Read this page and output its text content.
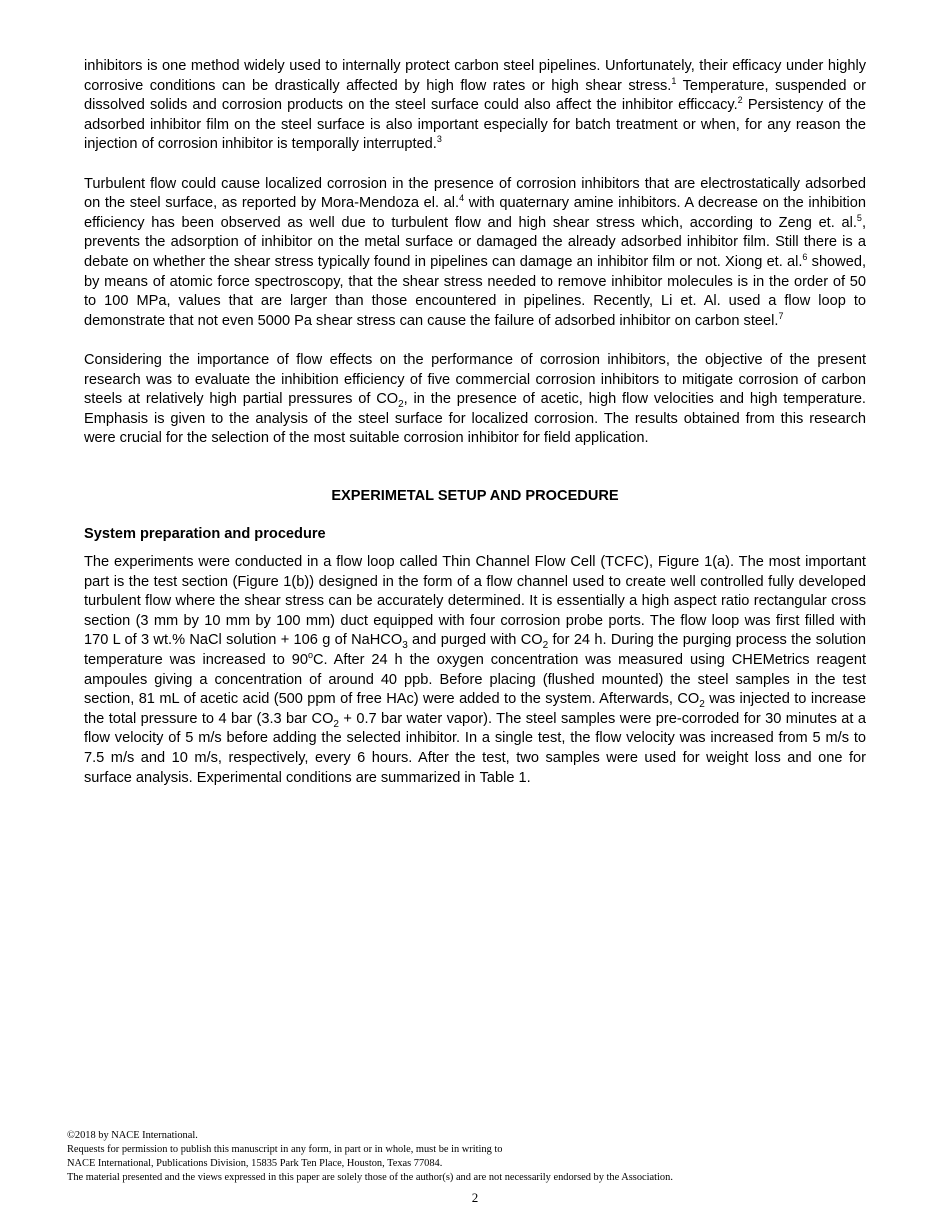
inhibitors is one method widely used to internally protect carbon steel pipelines. Unfortunately, their efficacy under highly corrosive conditions can be drastically affected by high flow rates or high shear stress.$^1$ Temperature, suspended or dissolved solids and corrosion products on the steel surface could also affect the inhibitor efficcacy.$^2$ Persistency of the adsorbed inhibitor film on the steel surface is also important especially for batch treatment or when, for any reason the injection of corrosion inhibitor is temporally interrupted.$^3$

Turbulent flow could cause localized corrosion in the presence of corrosion inhibitors that are electrostatically adsorbed on the steel surface, as reported by Mora-Mendoza el. al.$^4$ with quaternary amine inhibitors. A decrease on the inhibition efficiency has been observed as well due to turbulent flow and high shear stress which, according to Zeng et. al.$^5$, prevents the adsorption of inhibitor on the metal surface or damaged the already adsorbed inhibitor film. Still there is a debate on whether the shear stress typically found in pipelines can damage an inhibitor film or not. Xiong et. al.$^6$ showed, by means of atomic force spectroscopy, that the shear stress needed to remove inhibitor molecules is in the order of 50 to 100 MPa, values that are larger than those encountered in pipelines. Recently, Li et. Al. used a flow loop to demonstrate that not even 5000 Pa shear stress can cause the failure of adsorbed inhibitor on carbon steel.$^7$

Considering the importance of flow effects on the performance of corrosion inhibitors, the objective of the present research was to evaluate the inhibition efficiency of five commercial corrosion inhibitors to mitigate corrosion of carbon steels at relatively high partial pressures of $CO_2$, in the presence of acetic, high flow velocities and high temperature. Emphasis is given to the analysis of the steel surface for localized corrosion. The results obtained from this research were crucial for the selection of the most suitable corrosion inhibitor for field application.

EXPERIMETAL SETUP AND PROCEDURE
System preparation and procedure

The experiments were conducted in a flow loop called Thin Channel Flow Cell (TCFC), Figure 1(a). The most important part is the test section (Figure 1(b)) designed in the form of a flow channel used to create well controlled fully developed turbulent flow where the shear stress can be accurately determined. It is essentially a high aspect ratio rectangular cross section (3 mm by 10 mm by 100 mm) duct equipped with four corrosion probe ports. The flow loop was first filled with 170 L of 3 wt.% NaCl solution + 106 g of NaHCO$_3$ and purged with $CO_2$ for 24 h. During the purging process the solution temperature was increased to 90$^o$C. After 24 h the oxygen concentration was measured using CHEMetrics reagent ampoules giving a concentration of around 40 ppb. Before placing (flushed mounted) the steel samples in the test section, 81 mL of acetic acid (500 ppm of free HAc) were added to the system. Afterwards, $CO_2$ was injected to increase the total pressure to 4 bar (3.3 bar $CO_2 + 0.7$ bar water vapor). The steel samples were pre-corroded for 30 minutes at a flow velocity of 5 m/s before adding the selected inhibitor. In a single test, the flow velocity was increased from 5 m/s to 7.5 m/s and 10 m/s, respectively, every 6 hours. After the test, two samples were used for weight loss and one for surface analysis. Experimental conditions are summarized in Table 1.

©2018 by NACE International.
Requests for permission to publish this manuscript in any form, in part or in whole, must be in writing to
NACE International, Publications Division, 15835 Park Ten Place, Houston, Texas 77084.
The material presented and the views expressed in this paper are solely those of the author(s) and are not necessarily endorsed by the Association.
2
